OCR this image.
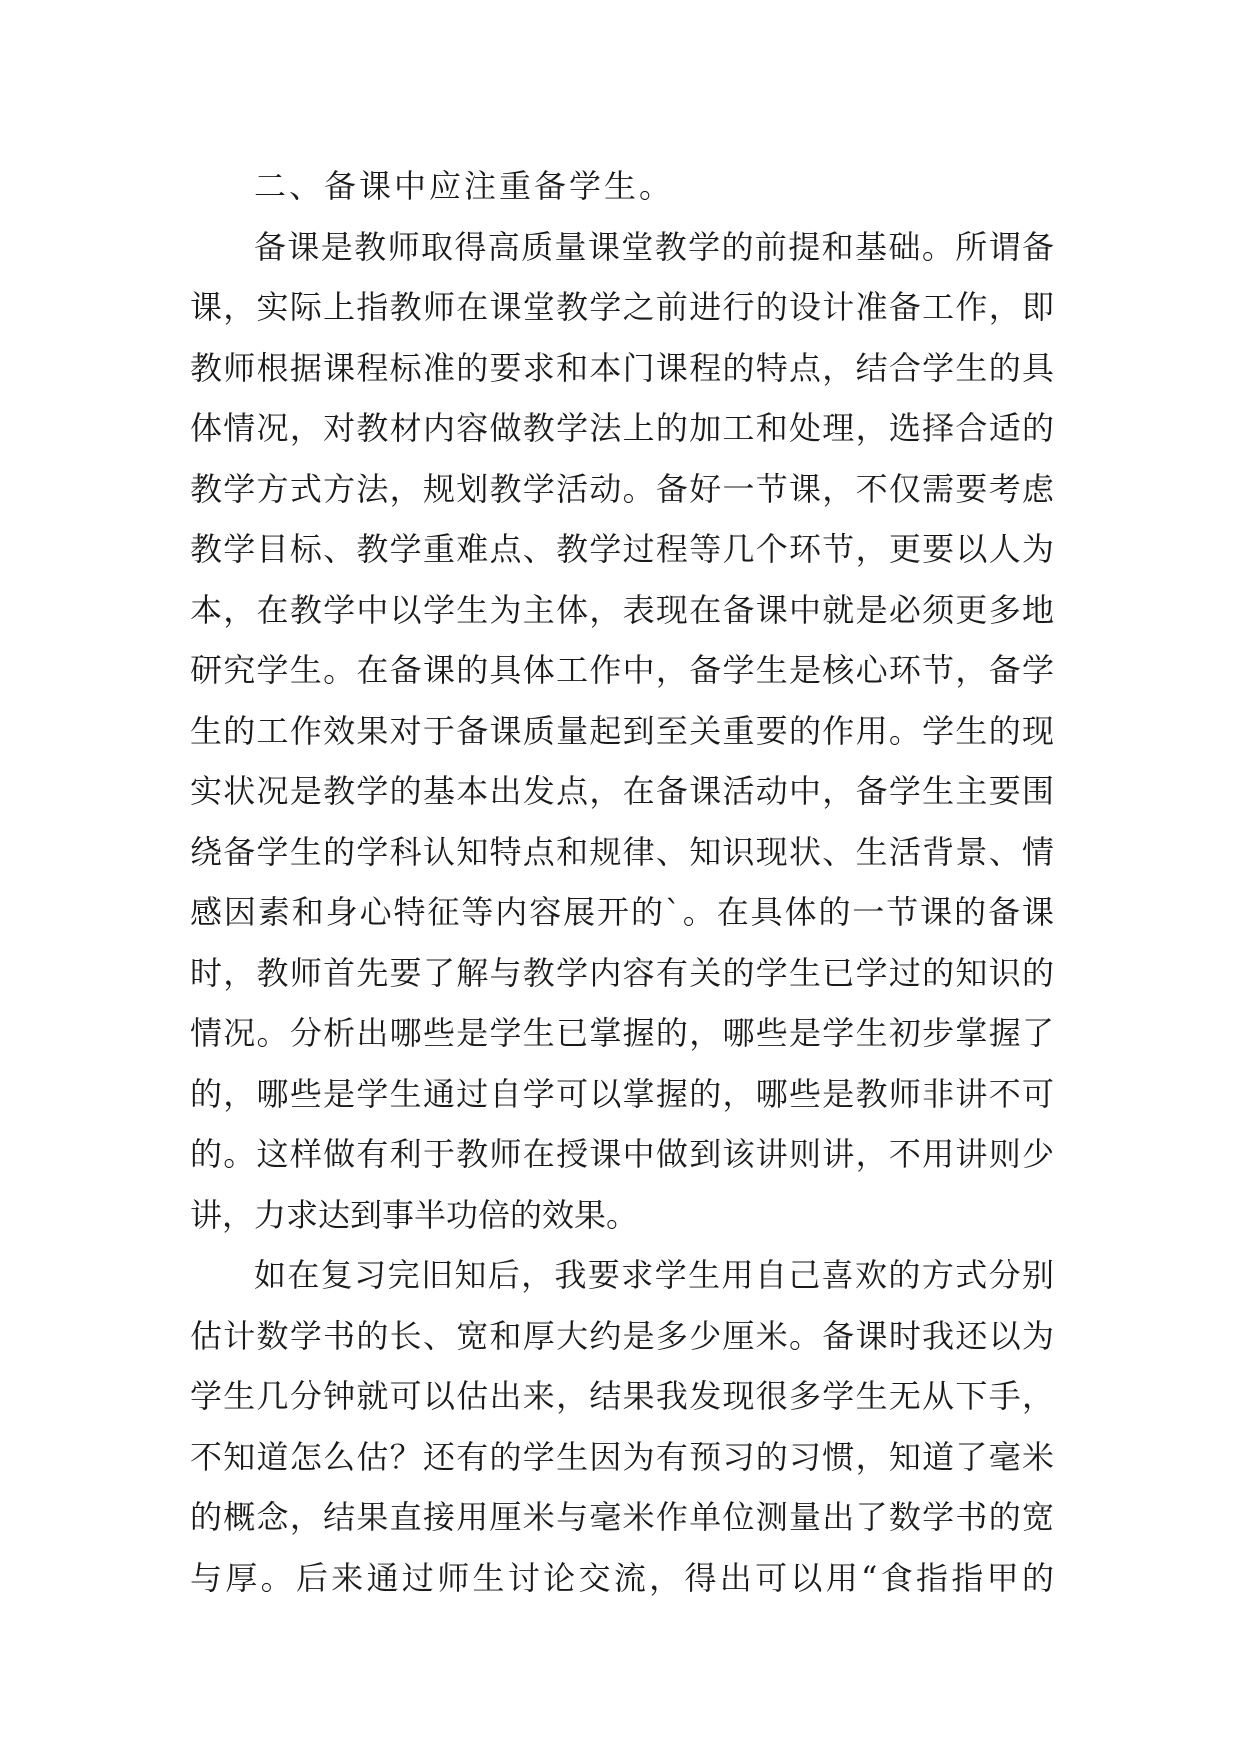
二、备课中应注重备学生。
备课是教师取得高质量课堂教学的前提和基础。所谓备
课，实际上指教师在课堂教学之前进行的设计准备工作，即
教师根据课程标准的要求和本门课程的特点，结合学生的具
体情况，对教材内容做教学法上的加工和处理，选择合适的
教学方式方法，规划教学活动。备好一节课，不仅需要考虑
教学目标、教学重难点、教学过程等几个环节，更要以人为
本，在教学中以学生为主体，表现在备课中就是必须更多地
研究学生。在备课的具体工作中，备学生是核心环节，备学
生的工作效果对于备课质量起到至关重要的作用。学生的现
实状况是教学的基本出发点，在备课活动中，备学生主要围
绕备学生的学科认知特点和规律、知识现状、生活背景、情
感因素和身心特征等内容展开的`。在具体的一节课的备课
时，教师首先要了解与教学内容有关的学生已学过的知识的
情况。分析出哪些是学生已掌握的，哪些是学生初步掌握了
的，哪些是学生通过自学可以掌握的，哪些是教师非讲不可
的。这样做有利于教师在授课中做到该讲则讲，不用讲则少
讲，力求达到事半功倍的效果。
如在复习完旧知后，我要求学生用自己喜欢的方式分别
估计数学书的长、宽和厚大约是多少厘米。备课时我还以为
学生几分钟就可以估出来，结果我发现很多学生无从下手，
不知道怎么估？还有的学生因为有预习的习惯，知道了毫米
的概念，结果直接用厘米与毫米作单位测量出了数学书的宽
与厚。后来通过师生讨论交流，得出可以用“食指指甲的
